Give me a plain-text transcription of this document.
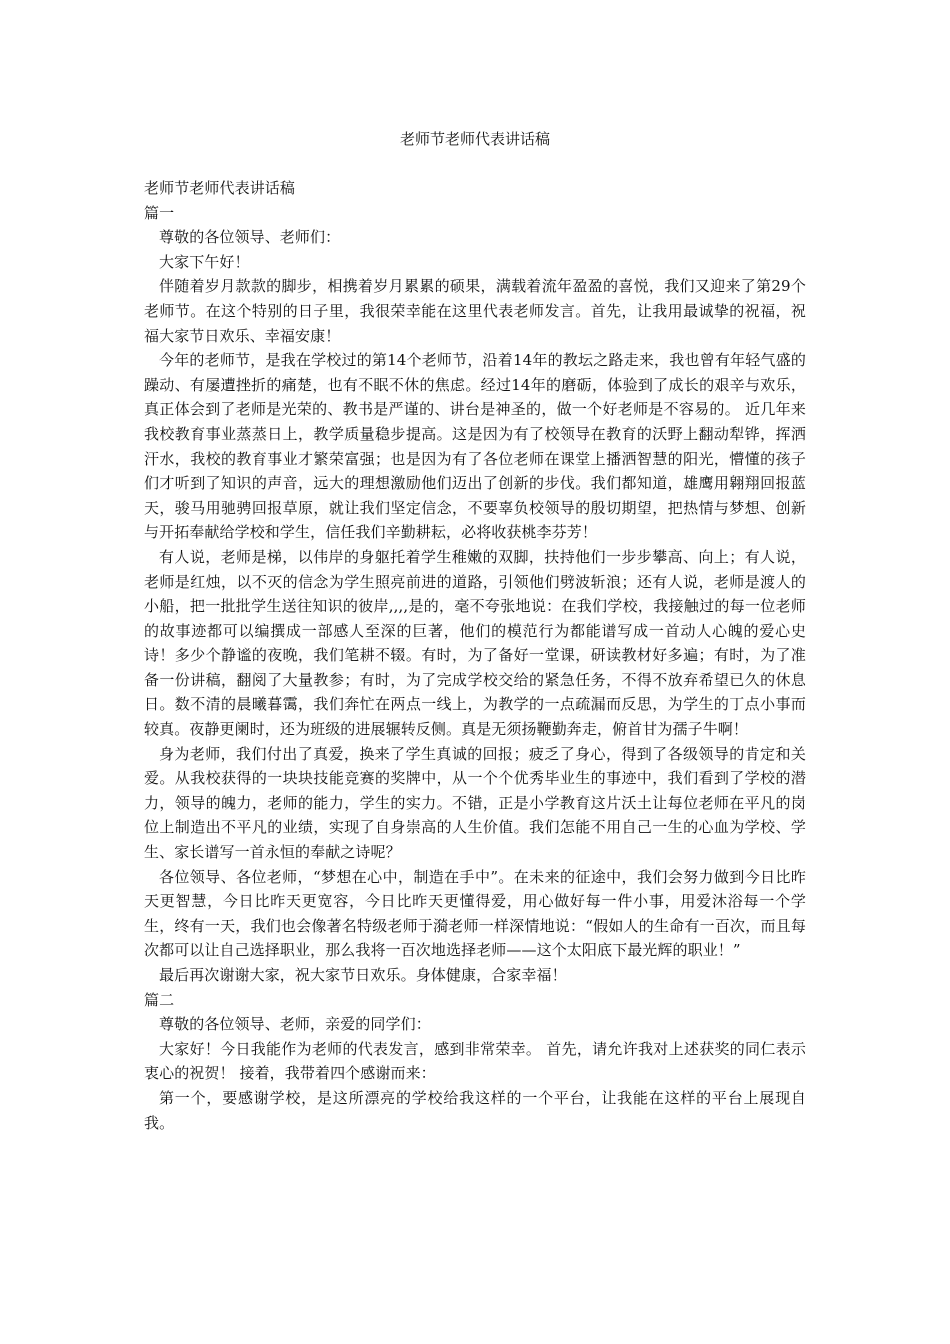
老师节老师代表讲话稿

老师节老师代表讲话稿

篇一

尊敬的各位领导、老师们：

大家下午好！

伴随着岁月款款的脚步，相携着岁月累累的硕果，满载着流年盈盈的喜悦，我们又迎来了第29个老师节。在这个特别的日子里，我很荣幸能在这里代表老师发言。首先，让我用最诚挚的祝福，祝福大家节日欢乐、幸福安康！

今年的老师节，是我在学校过的第14个老师节，沿着14年的教坛之路走来，我也曾有年轻气盛的躁动、有屡遭挫折的痛楚，也有不眠不休的焦虑。经过14年的磨砺，体验到了成长的艰辛与欢乐，真正体会到了老师是光荣的、教书是严谨的、讲台是神圣的，做一个好老师是不容易的。 近几年来我校教育事业蒸蒸日上，教学质量稳步提高。这是因为有了校领导在教育的沃野上翻动犁铧，挥洒汗水，我校的教育事业才繁荣富强；也是因为有了各位老师在课堂上播洒智慧的阳光，懵懂的孩子们才听到了知识的声音，远大的理想激励他们迈出了创新的步伐。我们都知道，雄鹰用翱翔回报蓝天，骏马用驰骋回报草原，就让我们坚定信念，不要辜负校领导的殷切期望，把热情与梦想、创新与开拓奉献给学校和学生，信任我们辛勤耕耘，必将收获桃李芬芳！

有人说，老师是梯，以伟岸的身躯托着学生稚嫩的双脚，扶持他们一步步攀高、向上；有人说，老师是红烛，以不灭的信念为学生照亮前进的道路，引领他们劈波斩浪；还有人说，老师是渡人的小船，把一批批学生送往知识的彼岸,,,,是的，毫不夸张地说：在我们学校，我接触过的每一位老师的故事迹都可以编撰成一部感人至深的巨著，他们的模范行为都能谱写成一首动人心魄的爱心史诗！多少个静谧的夜晚，我们笔耕不辍。有时，为了备好一堂课，研读教材好多遍；有时，为了准备一份讲稿，翻阅了大量教参；有时，为了完成学校交给的紧急任务，不得不放弃希望已久的休息日。数不清的晨曦暮霭，我们奔忙在两点一线上，为教学的一点疏漏而反思，为学生的丁点小事而较真。夜静更阑时，还为班级的进展辗转反侧。真是无须扬鞭勤奔走，俯首甘为孺子牛啊！

身为老师，我们付出了真爱，换来了学生真诚的回报；疲乏了身心，得到了各级领导的肯定和关爱。从我校获得的一块块技能竞赛的奖牌中，从一个个优秀毕业生的事迹中，我们看到了学校的潜力，领导的魄力，老师的能力，学生的实力。不错，正是小学教育这片沃土让每位老师在平凡的岗位上制造出不平凡的业绩，实现了自身崇高的人生价值。我们怎能不用自己一生的心血为学校、学生、家长谱写一首永恒的奉献之诗呢？

各位领导、各位老师，“梦想在心中，制造在手中”。在未来的征途中，我们会努力做到今日比昨天更智慧，今日比昨天更宽容，今日比昨天更懂得爱，用心做好每一件小事，用爱沐浴每一个学生，终有一天，我们也会像著名特级老师于漪老师一样深情地说：“假如人的生命有一百次，而且每次都可以让自己选择职业，那么我将一百次地选择老师——这个太阳底下最光辉的职业！”

最后再次谢谢大家，祝大家节日欢乐。身体健康，合家幸福！

篇二

尊敬的各位领导、老师，亲爱的同学们：

大家好！今日我能作为老师的代表发言，感到非常荣幸。 首先，请允许我对上述获奖的同仁表示衷心的祝贺！ 接着，我带着四个感谢而来：

第一个，要感谢学校，是这所漂亮的学校给我这样的一个平台，让我能在这样的平台上展现自我。
